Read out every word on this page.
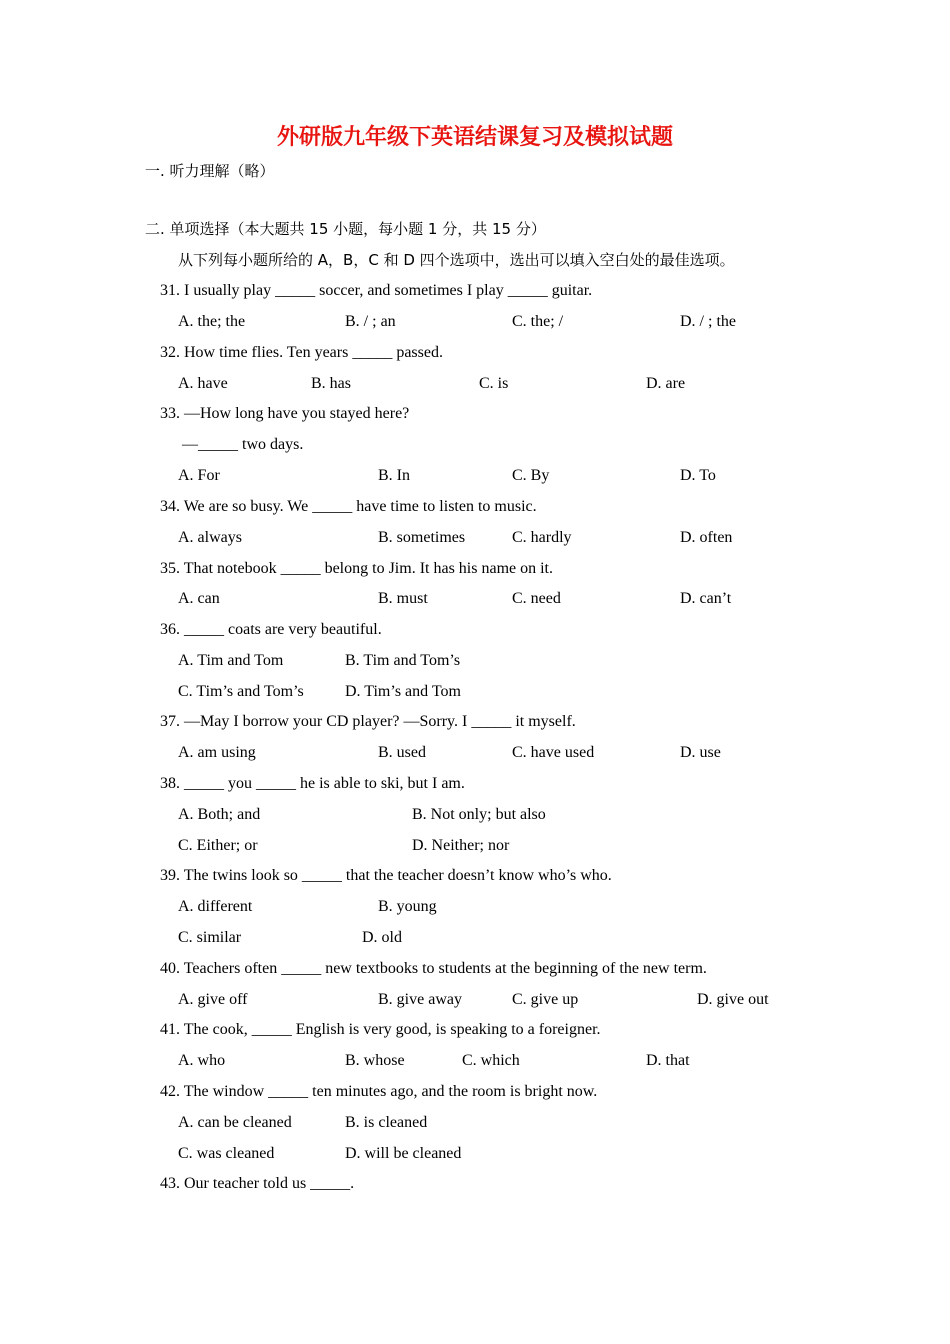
外研版九年级下英语结课复习及模拟试题
一. 听力理解（略）
二. 单项选择（本大题共 15 小题，每小题 1 分，共 15 分）
从下列每小题所给的 A，B，C 和 D 四个选项中，选出可以填入空白处的最佳选项。
31. I usually play _____ soccer, and sometimes I play _____ guitar.
A. the; the	B. / ; an	C. the; /	D. / ; the
32. How time flies. Ten years _____ passed.
A. have	B. has	C. is	D. are
33. —How long have you stayed here?
—_____ two days.
A. For	B. In	C. By	D. To
34. We are so busy. We _____ have time to listen to music.
A. always	B. sometimes	C. hardly	D. often
35. That notebook _____ belong to Jim. It has his name on it.
A. can	B. must	C. need	D. can’t
36. _____ coats are very beautiful.
A. Tim and Tom	B. Tim and Tom’s
C. Tim’s and Tom’s	D. Tim’s and Tom
37. —May I borrow your CD player? —Sorry. I _____ it myself.
A. am using	B. used	C. have used	D. use
38. _____ you _____ he is able to ski, but I am.
A. Both; and	B. Not only; but also
C. Either; or	D. Neither; nor
39. The twins look so _____ that the teacher doesn’t know who’s who.
A. different	B. young
C. similar	D. old
40. Teachers often _____ new textbooks to students at the beginning of the new term.
A. give off	B. give away	C. give up	D. give out
41. The cook, _____ English is very good, is speaking to a foreigner.
A. who	B. whose	C. which	D. that
42. The window _____ ten minutes ago, and the room is bright now.
A. can be cleaned	B. is cleaned
C. was cleaned	D. will be cleaned
43. Our teacher told us _____.
